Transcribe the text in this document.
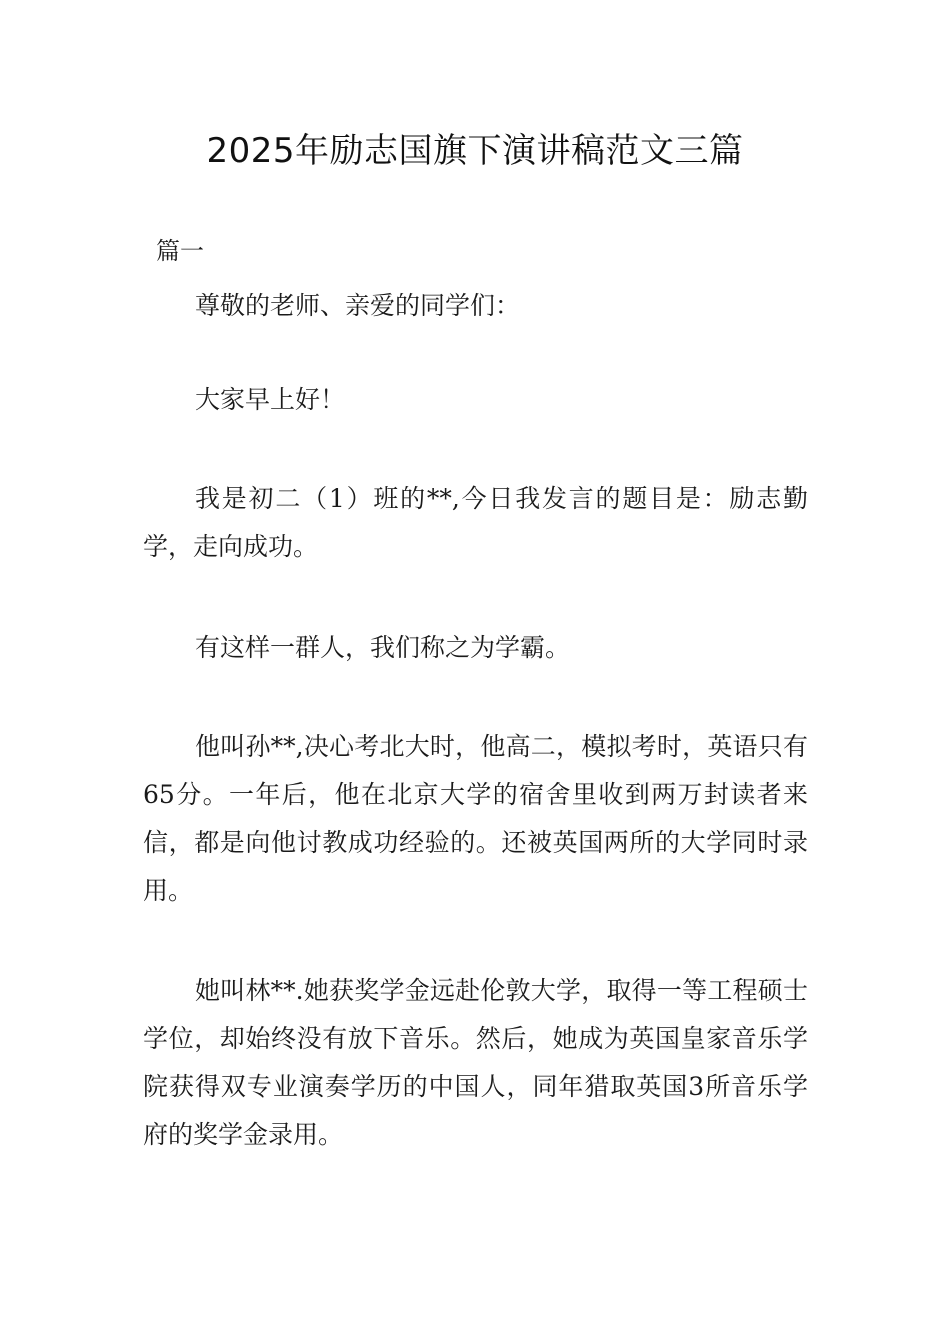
2025年励志国旗下演讲稿范文三篇
篇一

尊敬的老师、亲爱的同学们：

大家早上好！

我是初二（1）班的**,今日我发言的题目是：励志勤学，走向成功。

有这样一群人，我们称之为学霸。

他叫孙**,决心考北大时，他高二，模拟考时，英语只有65分。一年后，他在北京大学的宿舍里收到两万封读者来信，都是向他讨教成功经验的。还被英国两所的大学同时录用。

她叫林**.她获奖学金远赴伦敦大学，取得一等工程硕士学位，却始终没有放下音乐。然后，她成为英国皇家音乐学院获得双专业演奏学历的中国人，同年猎取英国3所音乐学府的奖学金录用。
